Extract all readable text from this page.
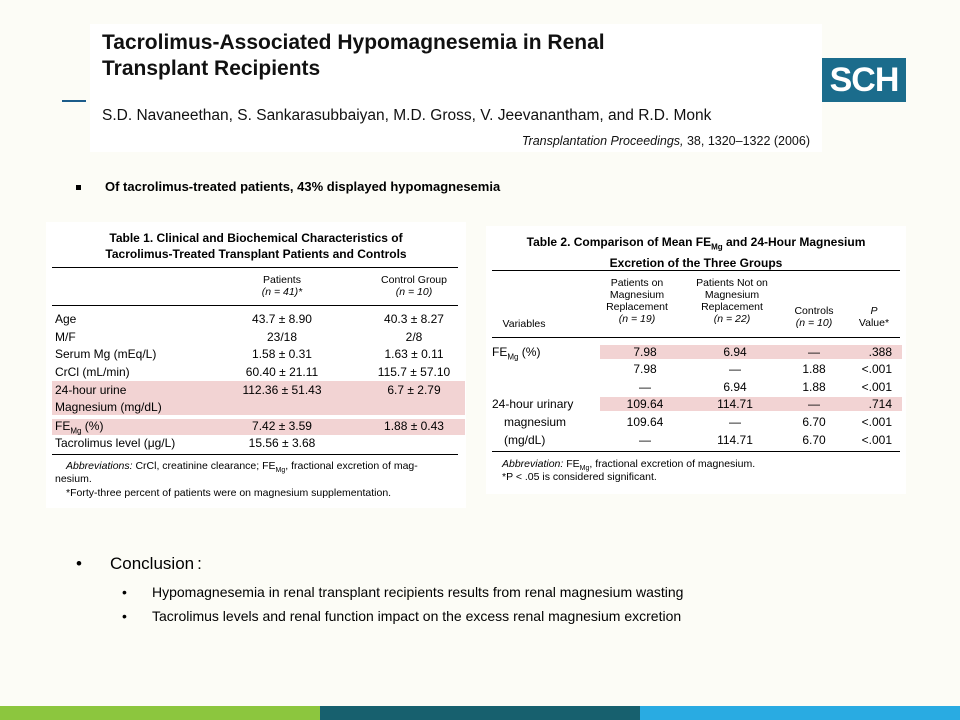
Tacrolimus-Associated Hypomagnesemia in Renal
Transplant Recipients
S.D. Navaneethan, S. Sankarasubbaiyan, M.D. Gross, V. Jeevanantham, and R.D. Monk
Transplantation Proceedings, 38, 1320–1322 (2006)
SCH
Of tacrolimus-treated patients, 43% displayed hypomagnesemia
Table 1. Clinical and Biochemical Characteristics of
Tacrolimus-Treated Transplant Patients and Controls
Patients
(n = 41)*
Control Group
(n = 10)
Age	43.7 ± 8.90	40.3 ± 8.27
M/F	23/18	2/8
Serum Mg (mEq/L)	1.58 ± 0.31	1.63 ± 0.11
CrCl (mL/min)	60.40 ± 21.11	115.7 ± 57.10
24-hour urine	112.36 ± 51.43	6.7 ± 2.79
Magnesium (mg/dL)
$FE_{Mg}$ (%)	7.42 ± 3.59	1.88 ± 0.43
Tacrolimus level (μg/L)	15.56 ± 3.68
Abbreviations: CrCl, creatinine clearance; $FE_{Mg}$, fractional excretion of mag-
nesium.
*Forty-three percent of patients were on magnesium supplementation.
Table 2. Comparison of Mean $FE_{Mg}$ and 24-Hour Magnesium
Excretion of the Three Groups
Variables
Patients on
Magnesium
Replacement
(n = 19)
Patients Not on
Magnesium
Replacement
(n = 22)
Controls
(n = 10)
P
Value*
$FE_{Mg}$ (%)	7.98	6.94	—	.388
7.98	—	1.88	<.001
—	6.94	1.88	<.001
24-hour urinary	109.64	114.71	—	.714
magnesium	109.64	—	6.70	<.001
(mg/dL)	—	114.71	6.70	<.001
Abbreviation: $FE_{Mg}$, fractional excretion of magnesium.
*P < .05 is considered significant.
• Conclusion :
• Hypomagnesemia in renal transplant recipients results from renal magnesium wasting
• Tacrolimus levels and renal function impact on the excess renal magnesium excretion
